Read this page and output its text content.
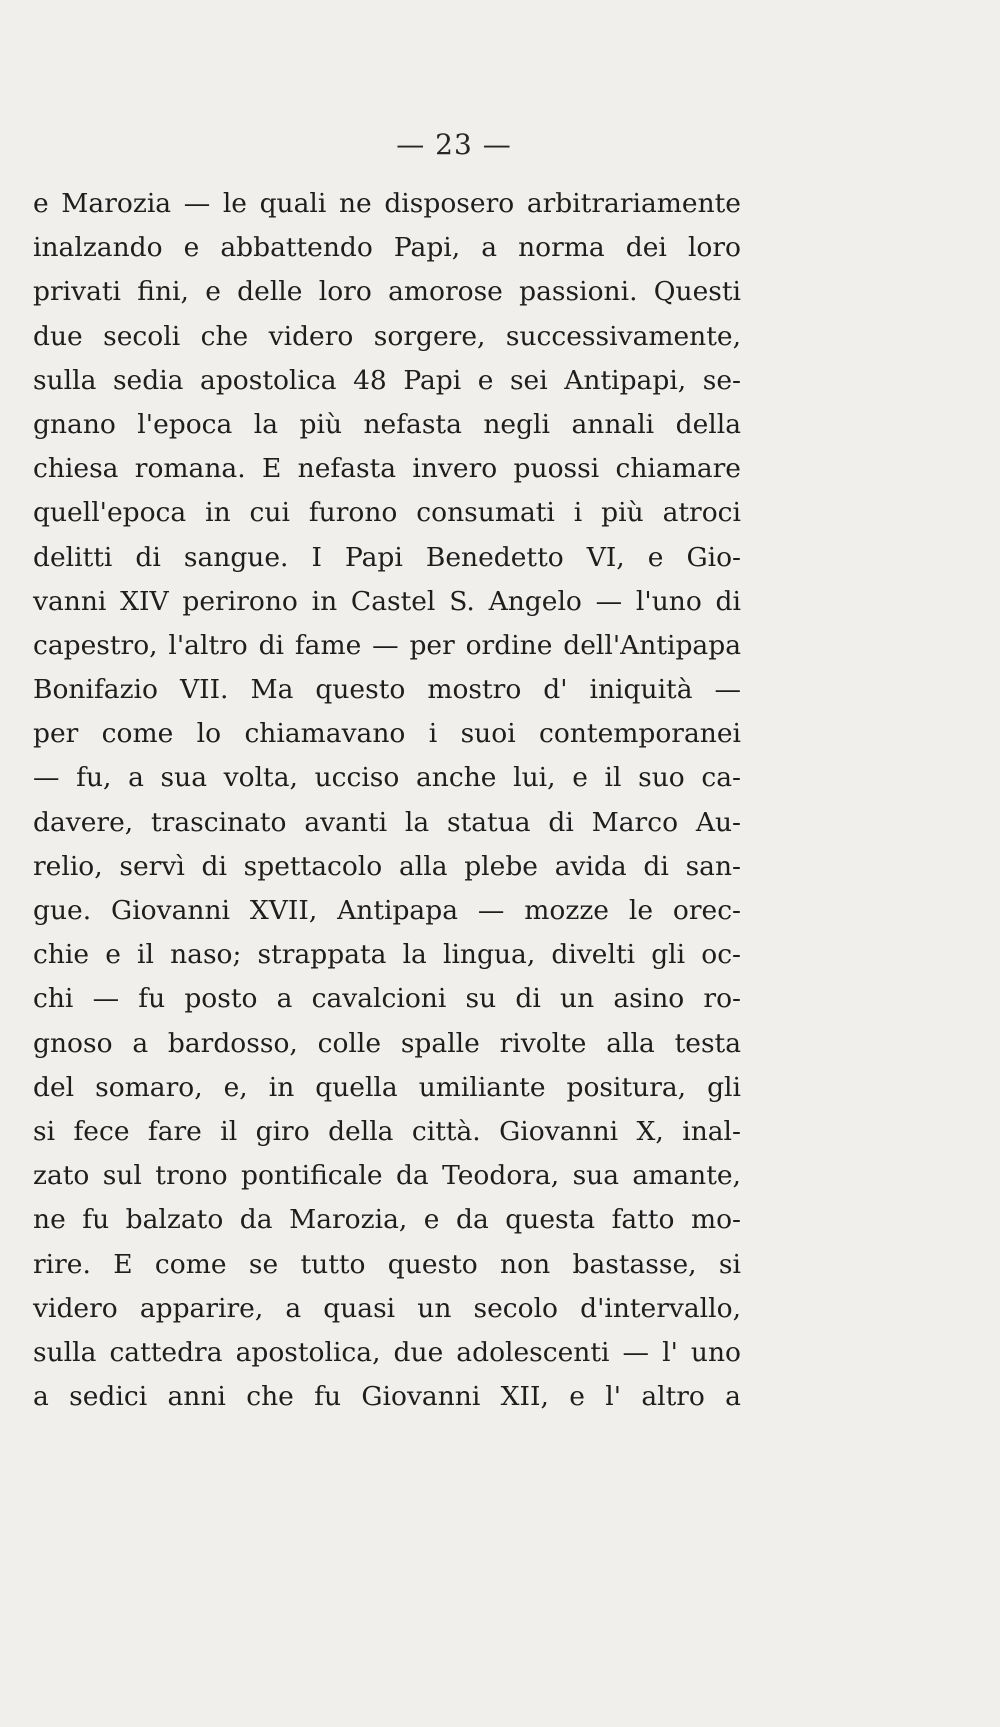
— 23 —
e Marozia — le quali ne disposero arbitrariamente
inalzando e abbattendo Papi, a norma dei loro
privati fini, e delle loro amorose passioni. Questi
due secoli che videro sorgere, successivamente,
sulla sedia apostolica 48 Papi e sei Antipapi, se-
gnano l'epoca la più nefasta negli annali della
chiesa romana. E nefasta invero puossi chiamare
quell'epoca in cui furono consumati i più atroci
delitti di sangue. I Papi Benedetto VI, e Gio-
vanni XIV perirono in Castel S. Angelo — l'uno di
capestro, l'altro di fame — per ordine dell'Antipapa
Bonifazio VII. Ma questo mostro d' iniquità —
per come lo chiamavano i suoi contemporanei
— fu, a sua volta, ucciso anche lui, e il suo ca-
davere, trascinato avanti la statua di Marco Au-
relio, servì di spettacolo alla plebe avida di san-
gue. Giovanni XVII, Antipapa — mozze le orec-
chie e il naso; strappata la lingua, divelti gli oc-
chi — fu posto a cavalcioni su di un asino ro-
gnoso a bardosso, colle spalle rivolte alla testa
del somaro, e, in quella umiliante positura, gli
si fece fare il giro della città. Giovanni X, inal-
zato sul trono pontificale da Teodora, sua amante,
ne fu balzato da Marozia, e da questa fatto mo-
rire. E come se tutto questo non bastasse, si
videro apparire, a quasi un secolo d'intervallo,
sulla cattedra apostolica, due adolescenti — l' uno
a sedici anni che fu Giovanni XII, e l' altro a
